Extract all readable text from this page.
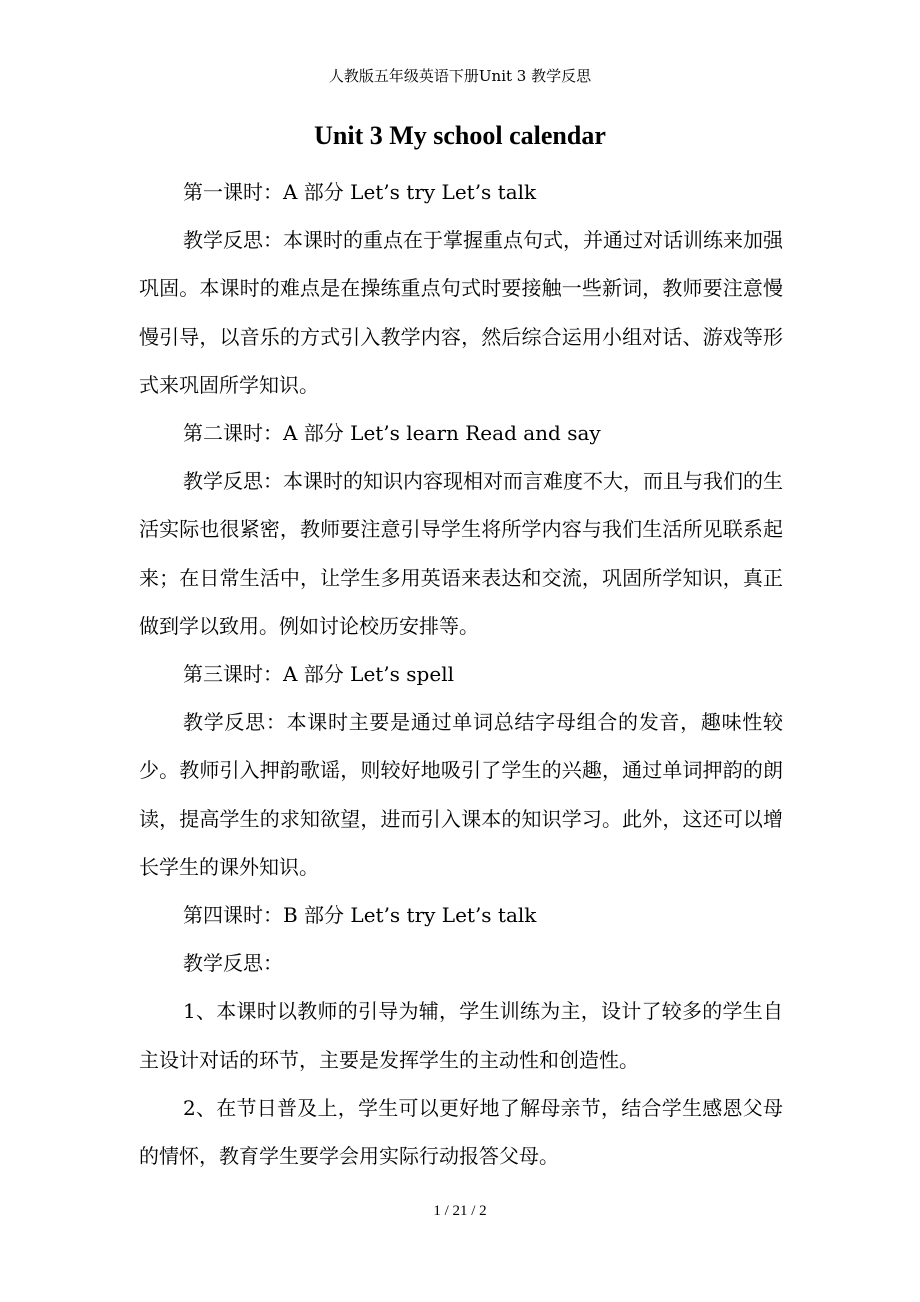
人教版五年级英语下册Unit 3 教学反思
Unit 3 My school calendar

第一课时：A 部分 Let’s try Let’s talk

教学反思：本课时的重点在于掌握重点句式，并通过对话训练来加强巩固。本课时的难点是在操练重点句式时要接触一些新词，教师要注意慢慢引导，以音乐的方式引入教学内容，然后综合运用小组对话、游戏等形式来巩固所学知识。

第二课时：A 部分 Let’s learn Read and say

教学反思：本课时的知识内容现相对而言难度不大，而且与我们的生活实际也很紧密，教师要注意引导学生将所学内容与我们生活所见联系起来；在日常生活中，让学生多用英语来表达和交流，巩固所学知识，真正做到学以致用。例如讨论校历安排等。

第三课时：A 部分 Let’s spell

教学反思：本课时主要是通过单词总结字母组合的发音，趣味性较少。教师引入押韵歌谣，则较好地吸引了学生的兴趣，通过单词押韵的朗读，提高学生的求知欲望，进而引入课本的知识学习。此外，这还可以增长学生的课外知识。

第四课时：B 部分 Let’s try Let’s talk

教学反思：

1、本课时以教师的引导为辅，学生训练为主，设计了较多的学生自主设计对话的环节，主要是发挥学生的主动性和创造性。

2、在节日普及上，学生可以更好地了解母亲节，结合学生感恩父母的情怀，教育学生要学会用实际行动报答父母。

1 / 21 / 2
